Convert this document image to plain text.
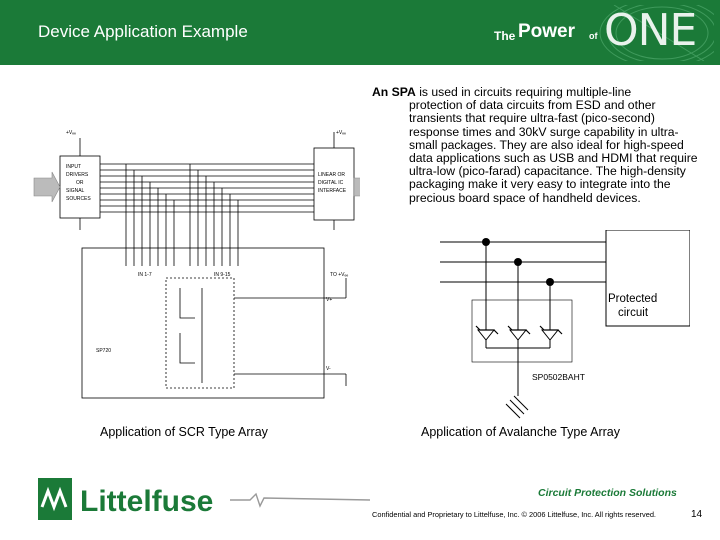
Device Application Example	The Power of ONE
An SPA is used in circuits requiring multiple-line
protection of data circuits from ESD and other transients that require ultra-fast (pico-second) response times and 30kV surge capability in ultra-small packages. They are also ideal for high-speed data applications such as USB and HDMI that require ultra-low (pico-farad) capacitance. The high-density packaging make it very easy to integrate into the precious board space of handheld devices.
INPUT
DRIVERS
OR
SIGNAL
SOURCES
LINEAR OR
DIGITAL IC
INTERFACE
+Vₑₑ	+Vₑₑ
IN 1-7	IN 9-15	TO +Vₑₑ
V+
V-
SP720
Protected circuit
SP0502BAHT
Application of SCR Type Array	Application of Avalanche Type Array
Littelfuse	Circuit Protection Solutions
Confidential and Proprietary to Littelfuse, Inc. © 2006 Littelfuse, Inc. All rights reserved.	14
